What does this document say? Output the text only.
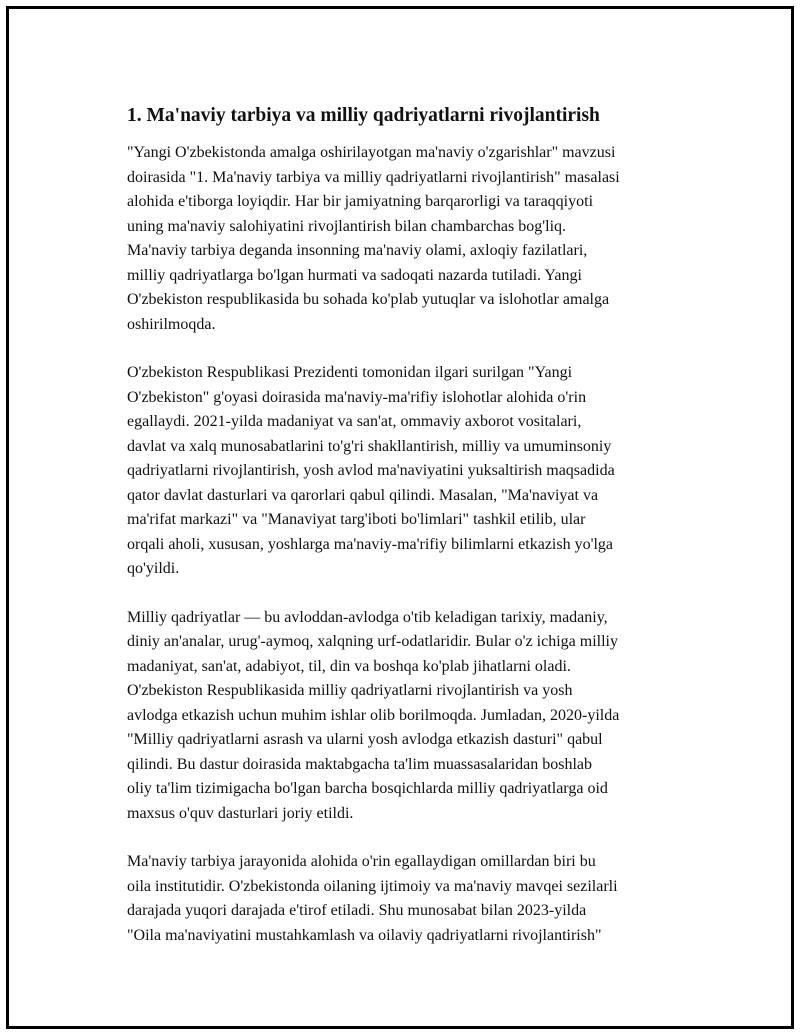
1. Ma'naviy tarbiya va milliy qadriyatlarni rivojlantirish

"Yangi O'zbekistonda amalga oshirilayotgan ma'naviy o'zgarishlar" mavzusi
doirasida "1. Ma'naviy tarbiya va milliy qadriyatlarni rivojlantirish" masalasi
alohida e'tiborga loyiqdir. Har bir jamiyatning barqarorligi va taraqqiyoti
uning ma'naviy salohiyatini rivojlantirish bilan chambarchas bog'liq.
Ma'naviy tarbiya deganda insonning ma'naviy olami, axloqiy fazilatlari,
milliy qadriyatlarga bo'lgan hurmati va sadoqati nazarda tutiladi. Yangi
O'zbekiston respublikasida bu sohada ko'plab yutuqlar va islohotlar amalga
oshirilmoqda.

O'zbekiston Respublikasi Prezidenti tomonidan ilgari surilgan "Yangi
O'zbekiston" g'oyasi doirasida ma'naviy-ma'rifiy islohotlar alohida o'rin
egallaydi. 2021-yilda madaniyat va san'at, ommaviy axborot vositalari,
davlat va xalq munosabatlarini to'g'ri shakllantirish, milliy va umuminsoniy
qadriyatlarni rivojlantirish, yosh avlod ma'naviyatini yuksaltirish maqsadida
qator davlat dasturlari va qarorlari qabul qilindi. Masalan, "Ma'naviyat va
ma'rifat markazi" va "Manaviyat targ'iboti bo'limlari" tashkil etilib, ular
orqali aholi, xususan, yoshlarga ma'naviy-ma'rifiy bilimlarni etkazish yo'lga
qo'yildi.

Milliy qadriyatlar — bu avloddan-avlodga o'tib keladigan tarixiy, madaniy,
diniy an'analar, urug'-aymoq, xalqning urf-odatlaridir. Bular o'z ichiga milliy
madaniyat, san'at, adabiyot, til, din va boshqa ko'plab jihatlarni oladi.
O'zbekiston Respublikasida milliy qadriyatlarni rivojlantirish va yosh
avlodga etkazish uchun muhim ishlar olib borilmoqda. Jumladan, 2020-yilda
"Milliy qadriyatlarni asrash va ularni yosh avlodga etkazish dasturi" qabul
qilindi. Bu dastur doirasida maktabgacha ta'lim muassasalaridan boshlab
oliy ta'lim tizimigacha bo'lgan barcha bosqichlarda milliy qadriyatlarga oid
maxsus o'quv dasturlari joriy etildi.

Ma'naviy tarbiya jarayonida alohida o'rin egallaydigan omillardan biri bu
oila institutidir. O'zbekistonda oilaning ijtimoiy va ma'naviy mavqei sezilarli
darajada yuqori darajada e'tirof etiladi. Shu munosabat bilan 2023-yilda
"Oila ma'naviyatini mustahkamlash va oilaviy qadriyatlarni rivojlantirish"
